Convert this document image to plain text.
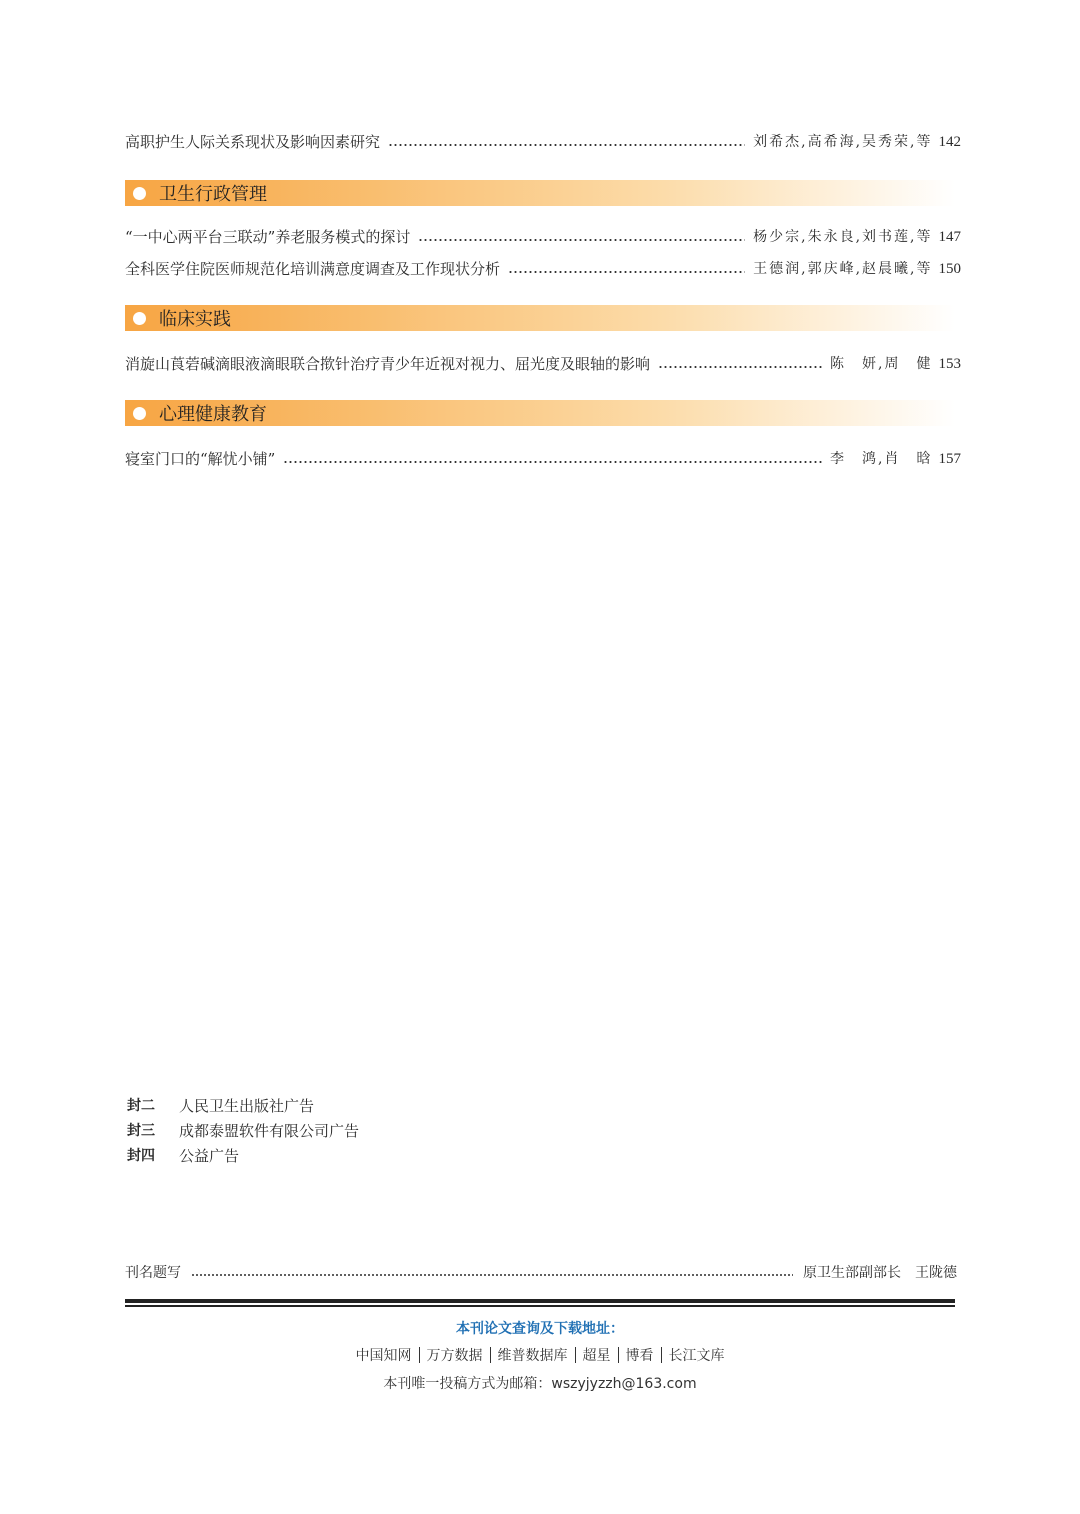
高职护生人际关系现状及影响因素研究	刘希杰,高希海,吴秀荣,等 142
卫生行政管理
“一中心两平台三联动”养老服务模式的探讨	杨少宗,朱永良,刘书莲,等 147
全科医学住院医师规范化培训满意度调查及工作现状分析	王德润,郭庆峰,赵晨曦,等 150
临床实践
消旋山莨菪碱滴眼液滴眼联合揿针治疗青少年近视对视力、屈光度及眼轴的影响	陈　妍,周　健 153
心理健康教育
寝室门口的“解忧小铺”	李　鸿,肖　晗 157
封二	人民卫生出版社广告
封三	成都泰盟软件有限公司广告
封四	公益广告
刊名题写	原卫生部副部长 王陇德
本刊论文查询及下载地址：
中国知网 万方数据 维普数据库 超星 博看 长江文库
本刊唯一投稿方式为邮箱：wszyjyzzh@163.com
